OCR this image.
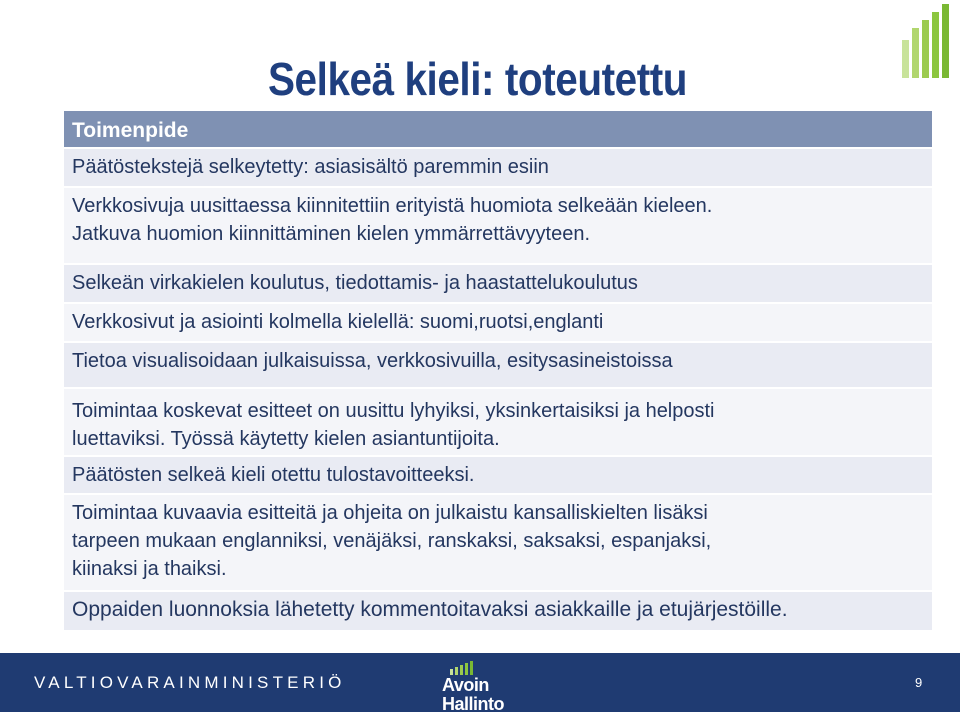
Selkeä kieli: toteutettu
Toimenpide
Päätöstekstejä selkeytetty: asiasisältö paremmin esiin
Verkkosivuja uusittaessa kiinnitettiin erityistä huomiota selkeään kieleen.
Jatkuva huomion kiinnittäminen kielen ymmärrettävyyteen.
Selkeän virkakielen koulutus, tiedottamis- ja haastattelukoulutus
Verkkosivut ja asiointi kolmella kielellä: suomi,ruotsi,englanti
Tietoa visualisoidaan julkaisuissa, verkkosivuilla, esitysasineistoissa
Toimintaa koskevat esitteet on uusittu lyhyiksi, yksinkertaisiksi ja helposti
luettaviksi. Työssä käytetty kielen asiantuntijoita.
Päätösten selkeä kieli otettu tulostavoitteeksi.
Toimintaa kuvaavia esitteitä ja ohjeita on julkaistu kansalliskielten lisäksi
tarpeen mukaan englanniksi, venäjäksi, ranskaksi, saksaksi, espanjaksi,
kiinaksi ja thaiksi.
Oppaiden luonnoksia lähetetty kommentoitavaksi asiakkaille ja etujärjestöille.
VALTIOVARAINMINISTERIÖ	Avoin
Hallinto
9
